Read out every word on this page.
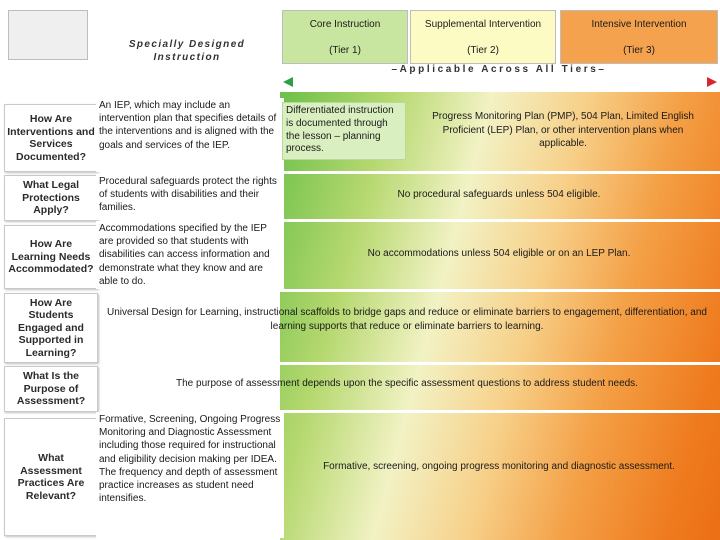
Specially Designed
Instruction
Core Instruction
(Tier 1)
Supplemental Intervention
(Tier 2)
Intensive Intervention
(Tier 3)
–Applicable Across All Tiers–
How Are Interventions and Services Documented?
An IEP, which may include an intervention plan that specifies details of the interventions and is aligned with the goals and services of the IEP.
Differentiated instruction is documented through the lesson – planning process.
Progress Monitoring Plan (PMP), 504 Plan, Limited English Proficient (LEP) Plan, or other intervention plans when applicable.
What Legal Protections Apply?
Procedural safeguards protect the rights of students with disabilities and their families.
No procedural safeguards unless 504 eligible.
How Are Learning Needs Accommodated?
Accommodations specified by the IEP are provided so that students with disabilities can access information and demonstrate what they know and are able to do.
No accommodations unless 504 eligible or on an LEP Plan.
How Are Students Engaged and Supported in Learning?
Universal Design for Learning, instructional scaffolds to bridge gaps and reduce or eliminate barriers to engagement, differentiation, and learning supports that reduce or eliminate barriers to learning.
What Is the Purpose of Assessment?
The purpose of assessment depends upon the specific assessment questions to address student needs.
What Assessment Practices Are Relevant?
Formative, Screening, Ongoing Progress Monitoring and Diagnostic Assessment including those required for instructional and eligibility decision making per IDEA. The frequency and depth of assessment practice increases as student need intensifies.
Formative, screening, ongoing progress monitoring and diagnostic assessment.
